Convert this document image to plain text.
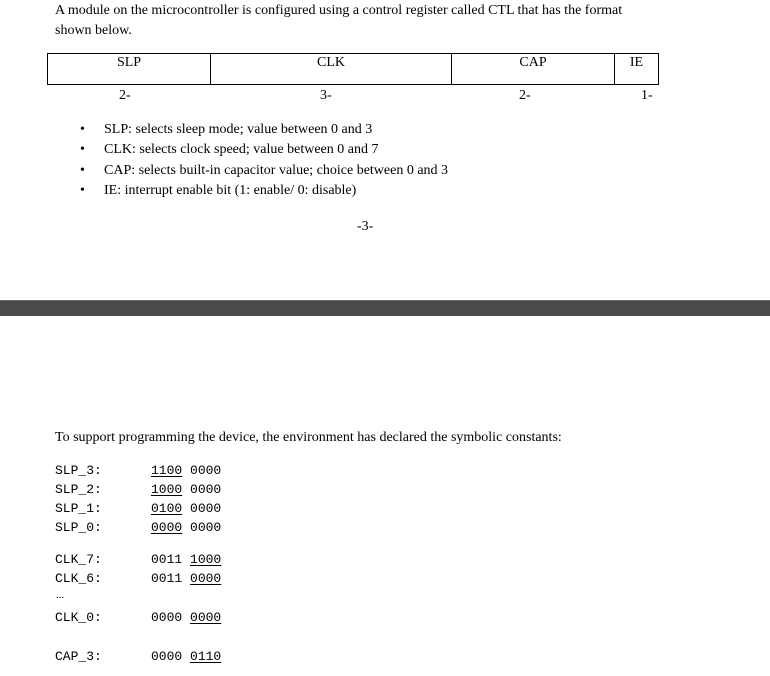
A module on the microcontroller is configured using a control register called CTL that has the format
shown below.
SLP	CLK	CAP	IE
2-	3-	2-	1-
• SLP: selects sleep mode; value between 0 and 3
• CLK: selects clock speed; value between 0 and 7
• CAP: selects built-in capacitor value; choice between 0 and 3
• IE: interrupt enable bit (1: enable/ 0: disable)
-3-
To support programming the device, the environment has declared the symbolic constants:
SLP_3:	1100 0000
SLP_2:	1000 0000
SLP_1:	0100 0000
SLP_0:	0000 0000
CLK_7:	0011 1000
CLK_6:	0011 0000
...
CLK_0:	0000 0000
CAP_3:	0000 0110
